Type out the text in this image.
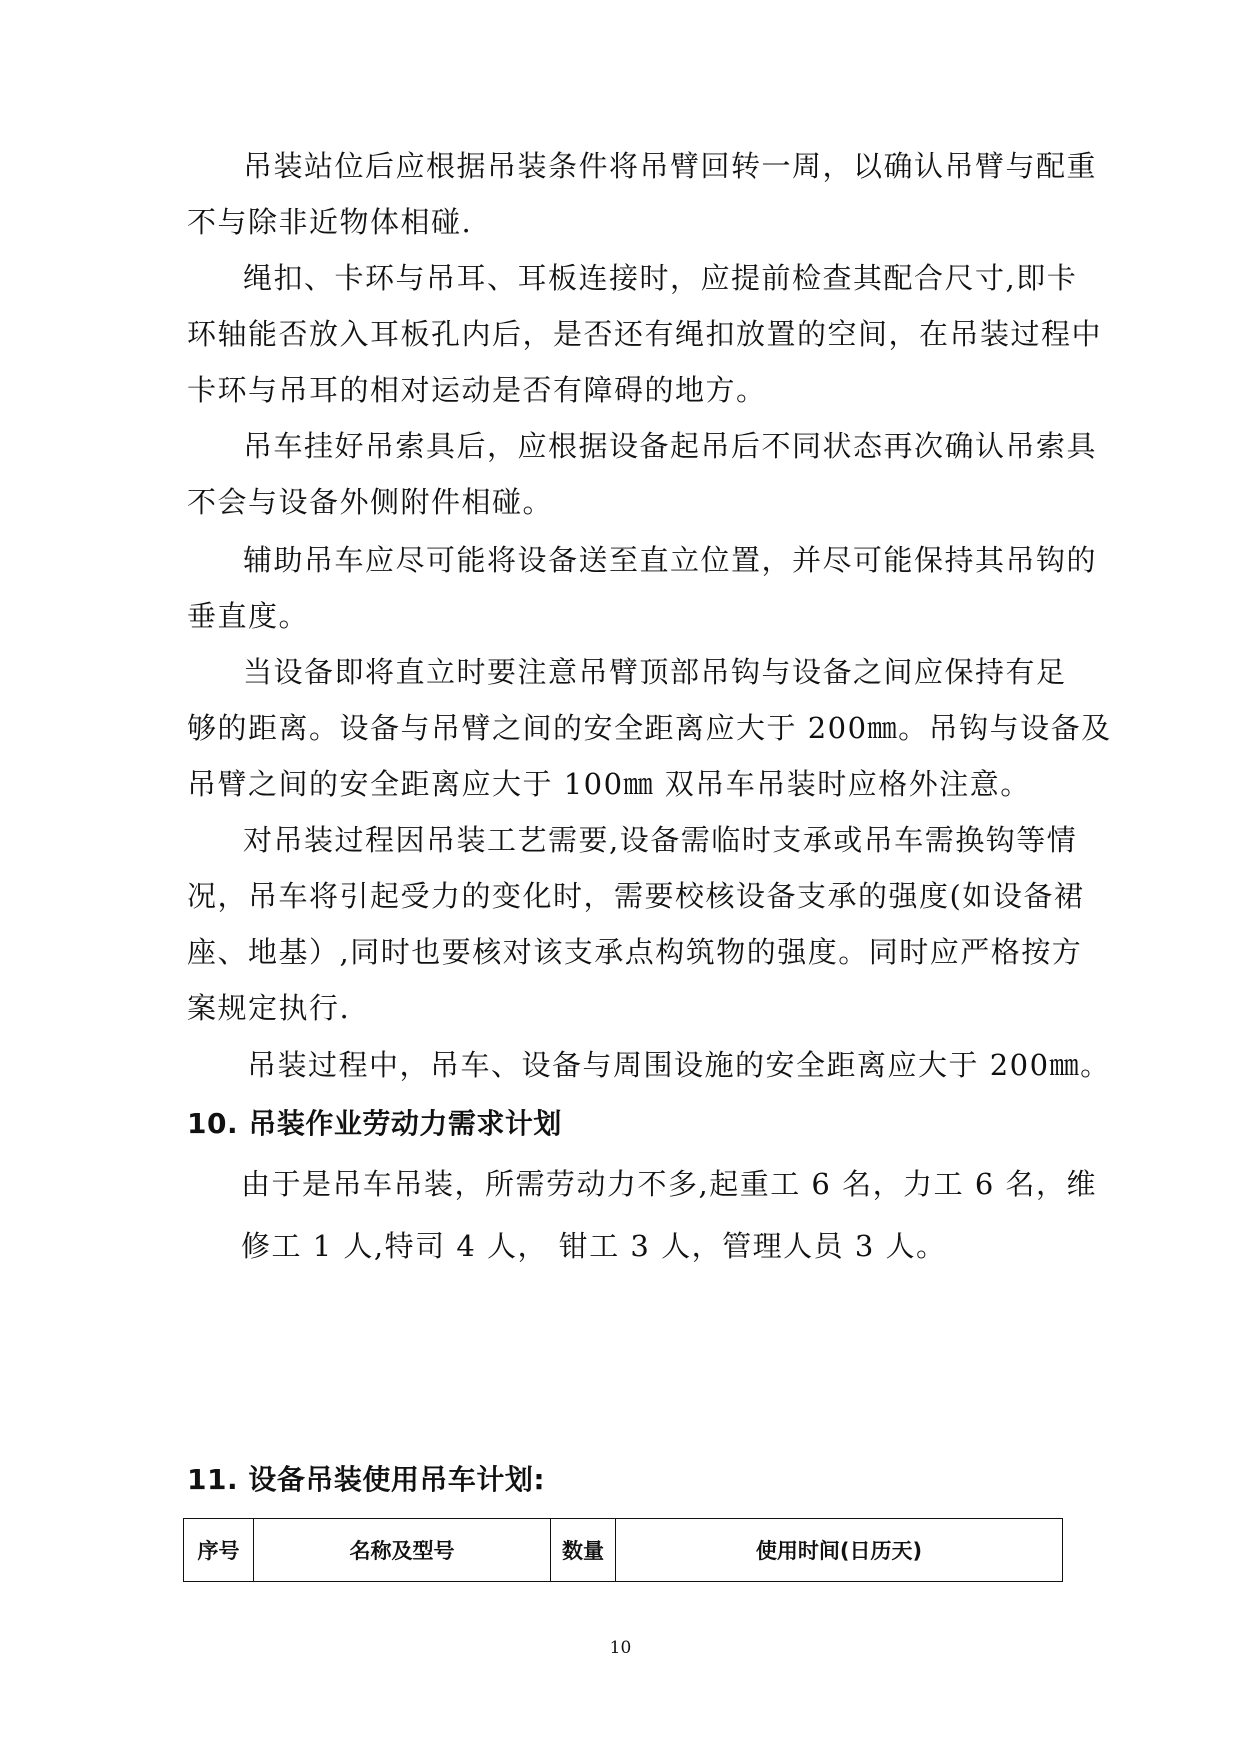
吊装站位后应根据吊装条件将吊臂回转一周，以确认吊臂与配重
不与除非近物体相碰.
绳扣、卡环与吊耳、耳板连接时，应提前检查其配合尺寸,即卡
环轴能否放入耳板孔内后，是否还有绳扣放置的空间，在吊装过程中
卡环与吊耳的相对运动是否有障碍的地方。
吊车挂好吊索具后，应根据设备起吊后不同状态再次确认吊索具
不会与设备外侧附件相碰。
辅助吊车应尽可能将设备送至直立位置，并尽可能保持其吊钩的
垂直度。
当设备即将直立时要注意吊臂顶部吊钩与设备之间应保持有足
够的距离。设备与吊臂之间的安全距离应大于 200㎜。吊钩与设备及
吊臂之间的安全距离应大于 100㎜ 双吊车吊装时应格外注意。
对吊装过程因吊装工艺需要,设备需临时支承或吊车需换钩等情
况，吊车将引起受力的变化时，需要校核设备支承的强度(如设备裙
座、地基）,同时也要核对该支承点构筑物的强度。同时应严格按方
案规定执行.
吊装过程中，吊车、设备与周围设施的安全距离应大于 200㎜。
10. 吊装作业劳动力需求计划
由于是吊车吊装，所需劳动力不多,起重工 6 名，力工 6 名，维
修工 1 人,特司 4 人， 钳工 3 人，管理人员 3 人。
11. 设备吊装使用吊车计划:
序号	名称及型号	数量	使用时间(日历天)
10
